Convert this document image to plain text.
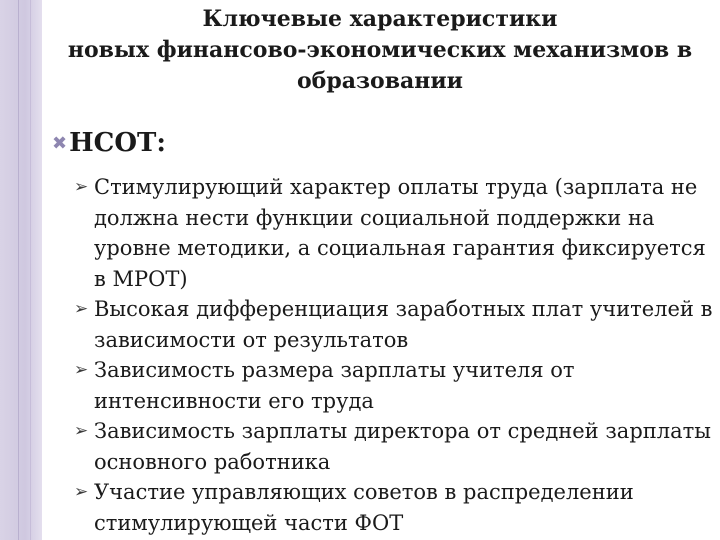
Ключевые характеристики
новых финансово-экономических механизмов в
образовании
✖ НСОТ:
➢ Стимулирующий характер оплаты труда (зарплата не должна нести функции социальной поддержки на уровне методики, а социальная гарантия фиксируется в МРОТ)
➢ Высокая дифференциация заработных плат учителей в зависимости от результатов
➢ Зависимость размера зарплаты учителя от интенсивности его труда
➢ Зависимость зарплаты директора от средней зарплаты основного работника
➢ Участие управляющих советов в распределении стимулирующей части ФОТ
